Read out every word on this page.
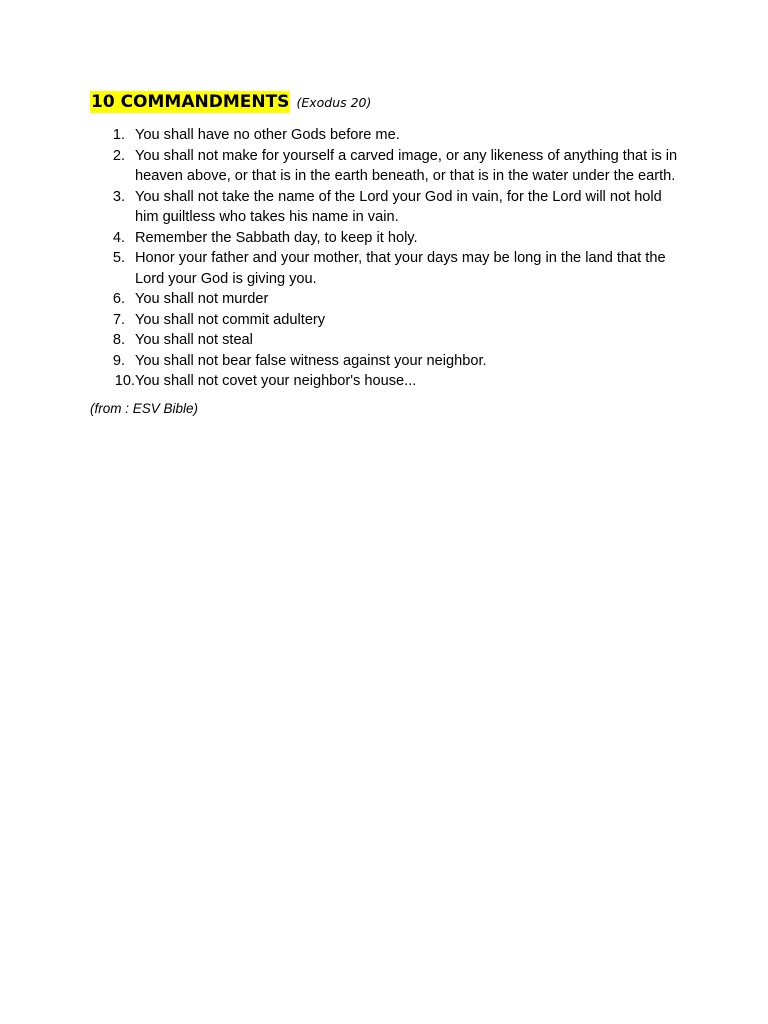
10 COMMANDMENTS (Exodus 20)
1. You shall have no other Gods before me.
2. You shall not make for yourself a carved image, or any likeness of anything that is in heaven above, or that is in the earth beneath, or that is in the water under the earth.
3. You shall not take the name of the Lord your God in vain, for the Lord will not hold him guiltless who takes his name in vain.
4. Remember the Sabbath day, to keep it holy.
5. Honor your father and your mother, that your days may be long in the land that the Lord your God is giving you.
6. You shall not murder
7. You shall not commit adultery
8. You shall not steal
9. You shall not bear false witness against your neighbor.
10. You shall not covet your neighbor's house...
(from : ESV Bible)
